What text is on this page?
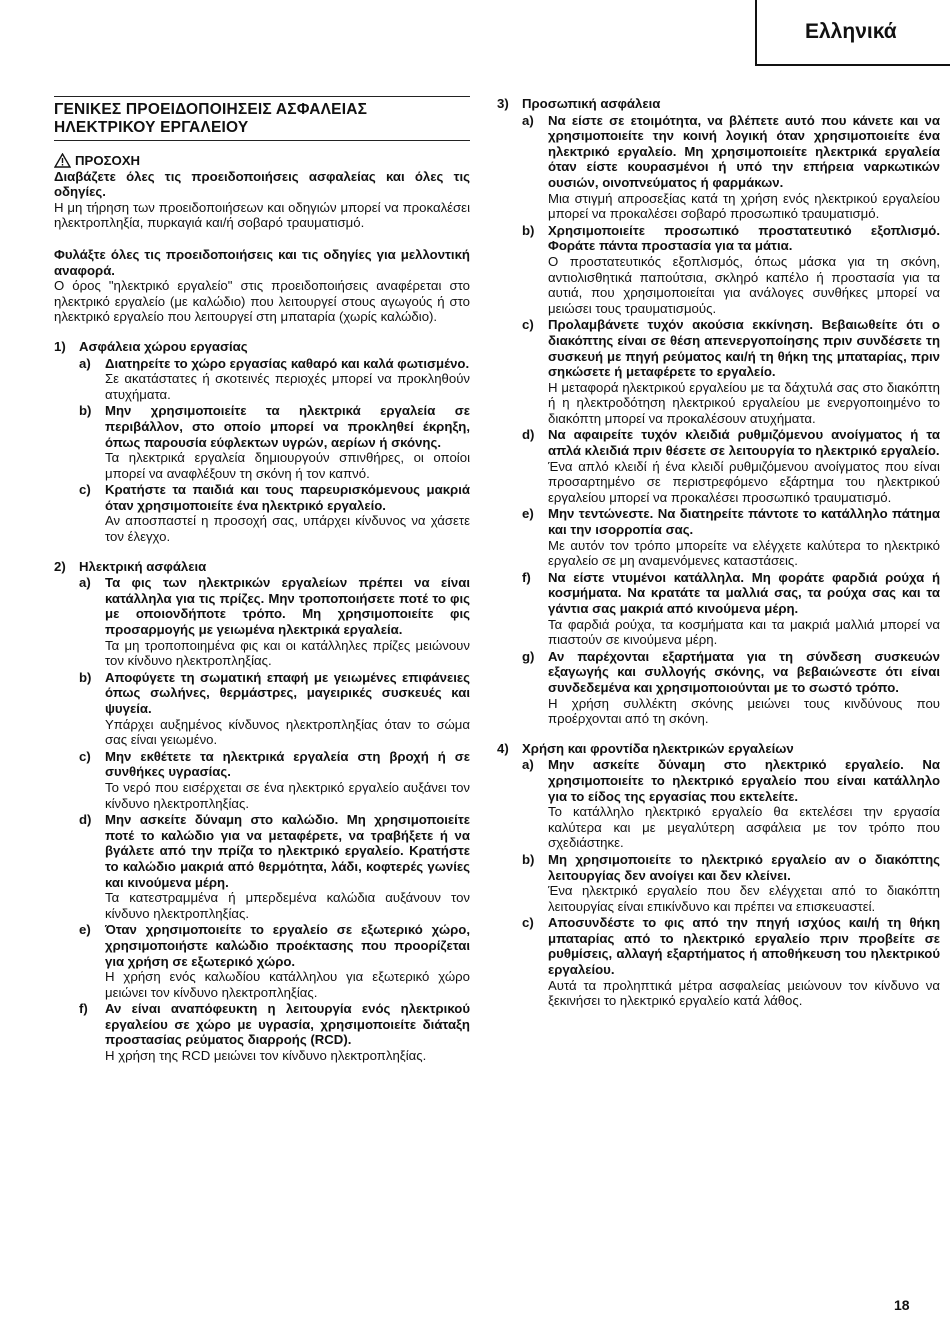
Ελληνικά
ΓΕΝΙΚΕΣ ΠΡΟΕΙΔΟΠΟΙΗΣΕΙΣ ΑΣΦΑΛΕΙΑΣ
ΗΛΕΚΤΡΙΚΟΥ ΕΡΓΑΛΕΙΟΥ
ΠΡΟΣΟΧΗ

Διαβάζετε όλες τις προειδοποιήσεις ασφαλείας και όλες τις οδηγίες.

Η μη τήρηση των προειδοποιήσεων και οδηγιών μπορεί να προκαλέσει ηλεκτροπληξία, πυρκαγιά και/ή σοβαρό τραυματισμό.

Φυλάξτε όλες τις προειδοποιήσεις και τις οδηγίες για μελλοντική αναφορά.

Ο όρος "ηλεκτρικό εργαλείο" στις προειδοποιήσεις αναφέρεται στο ηλεκτρικό εργαλείο (με καλώδιο) που λειτουργεί στους αγωγούς ή στο ηλεκτρικό εργαλείο που λειτουργεί στη μπαταρία (χωρίς καλώδιο).

1)	Ασφάλεια χώρου εργασίας
a)	Διατηρείτε το χώρο εργασίας καθαρό και καλά φωτισμένο.

Σε ακατάστατες ή σκοτεινές περιοχές μπορεί να προκληθούν ατυχήματα.

b)	Μην χρησιμοποιείτε τα ηλεκτρικά εργαλεία σε περιβάλλον, στο οποίο μπορεί να προκληθεί έκρηξη, όπως παρουσία εύφλεκτων υγρών, αερίων ή σκόνης.

Τα ηλεκτρικά εργαλεία δημιουργούν σπινθήρες, οι οποίοι μπορεί να αναφλέξουν τη σκόνη ή τον καπνό.

c)	Κρατήστε τα παιδιά και τους παρευρισκόμενους μακριά όταν χρησιμοποιείτε ένα ηλεκτρικό εργαλείο.

Αν αποσπαστεί η προσοχή σας, υπάρχει κίνδυνος να χάσετε τον έλεγχο.

2)	Ηλεκτρική ασφάλεια
a)	Τα φις των ηλεκτρικών εργαλείων πρέπει να είναι κατάλληλα για τις πρίζες. Μην τροποποιήσετε ποτέ το φις με οποιονδήποτε τρόπο. Μη χρησιμοποιείτε φις προσαρμογής με γειωμένα ηλεκτρικά εργαλεία.

Τα μη τροποποιημένα φις και οι κατάλληλες πρίζες μειώνουν τον κίνδυνο ηλεκτροπληξίας.

b)	Αποφύγετε τη σωματική επαφή με γειωμένες επιφάνειες όπως σωλήνες, θερμάστρες, μαγειρικές συσκευές και ψυγεία.

Υπάρχει αυξημένος κίνδυνος ηλεκτροπληξίας όταν το σώμα σας είναι γειωμένο.

c)	Μην εκθέτετε τα ηλεκτρικά εργαλεία στη βροχή ή σε συνθήκες υγρασίας.

Το νερό που εισέρχεται σε ένα ηλεκτρικό εργαλείο αυξάνει τον κίνδυνο ηλεκτροπληξίας.

d)	Μην ασκείτε δύναμη στο καλώδιο. Μη χρησιμοποιείτε ποτέ το καλώδιο για να μεταφέρετε, να τραβήξετε ή να βγάλετε από την πρίζα το ηλεκτρικό εργαλείο. Κρατήστε το καλώδιο μακριά από θερμότητα, λάδι, κοφτερές γωνίες και κινούμενα μέρη.

Τα κατεστραμμένα ή μπερδεμένα καλώδια αυξάνουν τον κίνδυνο ηλεκτροπληξίας.

e)	Όταν χρησιμοποιείτε το εργαλείο σε εξωτερικό χώρο, χρησιμοποιήστε καλώδιο προέκτασης που προορίζεται για χρήση σε εξωτερικό χώρο.

Η χρήση ενός καλωδίου κατάλληλου για εξωτερικό χώρο μειώνει τον κίνδυνο ηλεκτροπληξίας.

f)	Αν είναι αναπόφευκτη η λειτουργία ενός ηλεκτρικού εργαλείου σε χώρο με υγρασία, χρησιμοποιείτε διάταξη προστασίας ρεύματος διαρροής (RCD).

Η χρήση της RCD μειώνει τον κίνδυνο ηλεκτροπληξίας.

3)	Προσωπική ασφάλεια
a)	Να είστε σε ετοιμότητα, να βλέπετε αυτό που κάνετε και να χρησιμοποιείτε την κοινή λογική όταν χρησιμοποιείτε ένα ηλεκτρικό εργαλείο. Μη χρησιμοποιείτε ηλεκτρικά εργαλεία όταν είστε κουρασμένοι ή υπό την επήρεια ναρκωτικών ουσιών, οινοπνεύματος ή φαρμάκων.

Μια στιγμή απροσεξίας κατά τη χρήση ενός ηλεκτρικού εργαλείου μπορεί να προκαλέσει σοβαρό προσωπικό τραυματισμό.

b)	Χρησιμοποιείτε προσωπικό προστατευτικό εξοπλισμό. Φοράτε πάντα προστασία για τα μάτια.

Ο προστατευτικός εξοπλισμός, όπως μάσκα για τη σκόνη, αντιολισθητικά παπούτσια, σκληρό καπέλο ή προστασία για τα αυτιά, που χρησιμοποιείται για ανάλογες συνθήκες μπορεί να μειώσει τους τραυματισμούς.

c)	Προλαμβάνετε τυχόν ακούσια εκκίνηση. Βεβαιωθείτε ότι ο διακόπτης είναι σε θέση απενεργοποίησης πριν συνδέσετε τη συσκευή με πηγή ρεύματος και/ή τη θήκη της μπαταρίας, πριν σηκώσετε ή μεταφέρετε το εργαλείο.

Η μεταφορά ηλεκτρικού εργαλείου με τα δάχτυλά σας στο διακόπτη ή η ηλεκτροδότηση ηλεκτρικού εργαλείου με ενεργοποιημένο το διακόπτη μπορεί να προκαλέσουν ατυχήματα.

d)	Να αφαιρείτε τυχόν κλειδιά ρυθμιζόμενου ανοίγματος ή τα απλά κλειδιά πριν θέσετε σε λειτουργία το ηλεκτρικό εργαλείο.

Ένα απλό κλειδί ή ένα κλειδί ρυθμιζόμενου ανοίγματος που είναι προσαρτημένο σε περιστρεφόμενο εξάρτημα του ηλεκτρικού εργαλείου μπορεί να προκαλέσει προσωπικό τραυματισμό.

e)	Μην τεντώνεστε. Να διατηρείτε πάντοτε το κατάλληλο πάτημα και την ισορροπία σας.

Με αυτόν τον τρόπο μπορείτε να ελέγχετε καλύτερα το ηλεκτρικό εργαλείο σε μη αναμενόμενες καταστάσεις.

f)	Να είστε ντυμένοι κατάλληλα. Μη φοράτε φαρδιά ρούχα ή κοσμήματα. Να κρατάτε τα μαλλιά σας, τα ρούχα σας και τα γάντια σας μακριά από κινούμενα μέρη.

Τα φαρδιά ρούχα, τα κοσμήματα και τα μακριά μαλλιά μπορεί να πιαστούν σε κινούμενα μέρη.

g)	Αν παρέχονται εξαρτήματα για τη σύνδεση συσκευών εξαγωγής και συλλογής σκόνης, να βεβαιώνεστε ότι είναι συνδεδεμένα και χρησιμοποιούνται με το σωστό τρόπο.

Η χρήση συλλέκτη σκόνης μειώνει τους κινδύνους που προέρχονται από τη σκόνη.

4)	Χρήση και φροντίδα ηλεκτρικών εργαλείων
a)	Μην ασκείτε δύναμη στο ηλεκτρικό εργαλείο. Να χρησιμοποιείτε το ηλεκτρικό εργαλείο που είναι κατάλληλο για το είδος της εργασίας που εκτελείτε.

Το κατάλληλο ηλεκτρικό εργαλείο θα εκτελέσει την εργασία καλύτερα και με μεγαλύτερη ασφάλεια με τον τρόπο που σχεδιάστηκε.

b)	Μη χρησιμοποιείτε το ηλεκτρικό εργαλείο αν ο διακόπτης λειτουργίας δεν ανοίγει και δεν κλείνει.

Ένα ηλεκτρικό εργαλείο που δεν ελέγχεται από το διακόπτη λειτουργίας είναι επικίνδυνο και πρέπει να επισκευαστεί.

c)	Αποσυνδέστε το φις από την πηγή ισχύος και/ή τη θήκη μπαταρίας από το ηλεκτρικό εργαλείο πριν προβείτε σε ρυθμίσεις, αλλαγή εξαρτήματος ή αποθήκευση του ηλεκτρικού εργαλείου.

Αυτά τα προληπτικά μέτρα ασφαλείας μειώνουν τον κίνδυνο να ξεκινήσει το ηλεκτρικό εργαλείο κατά λάθος.

18
